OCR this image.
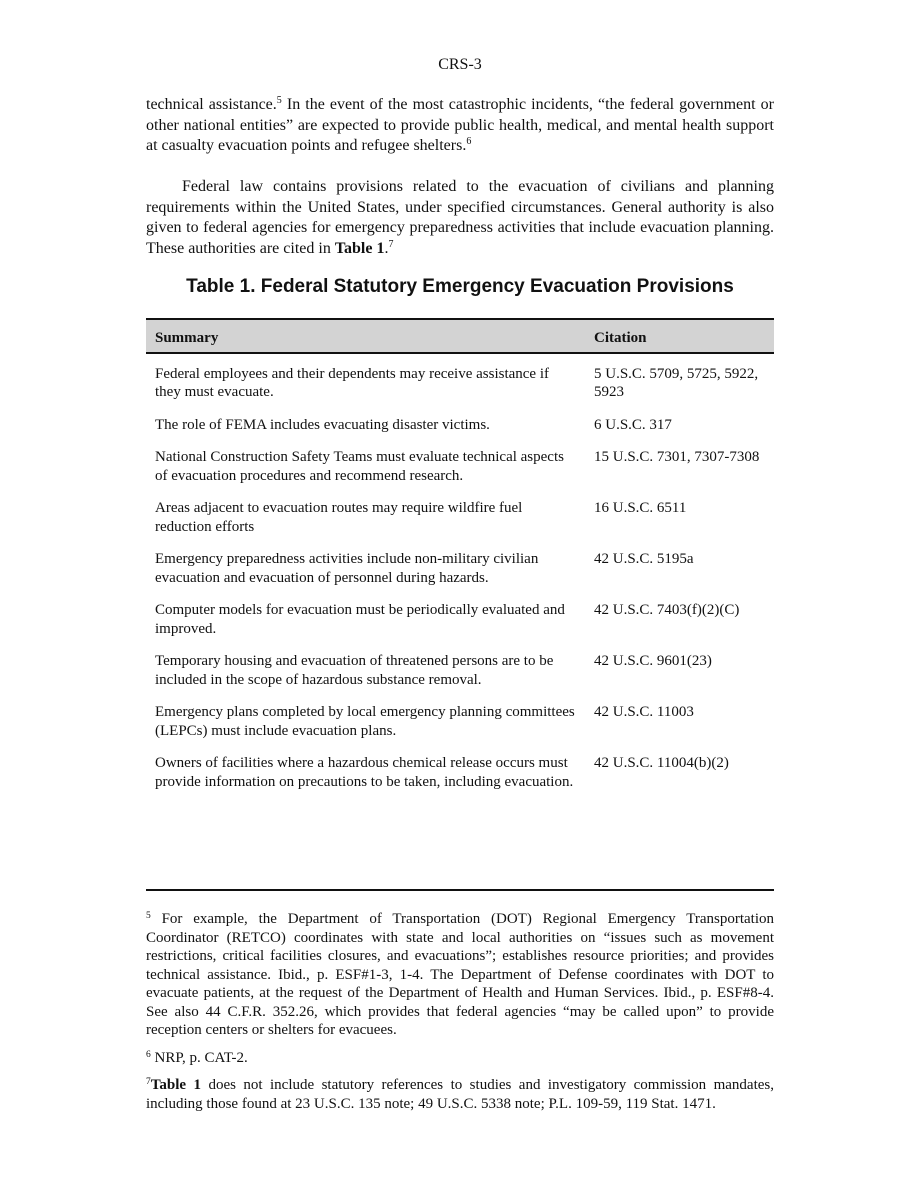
CRS-3

technical assistance.$^5$ In the event of the most catastrophic incidents, “the federal government or other national entities” are expected to provide public health, medical, and mental health support at casualty evacuation points and refugee shelters.$^6$

Federal law contains provisions related to the evacuation of civilians and planning requirements within the United States, under specified circumstances. General authority is also given to federal agencies for emergency preparedness activities that include evacuation planning. These authorities are cited in Table 1.$^7$

Table 1. Federal Statutory Emergency Evacuation Provisions
Summary	Citation
Federal employees and their dependents may receive assistance if they must evacuate.	5 U.S.C. 5709, 5725, 5922, 5923
The role of FEMA includes evacuating disaster victims.	6 U.S.C. 317
National Construction Safety Teams must evaluate technical aspects of evacuation procedures and recommend research.	15 U.S.C. 7301, 7307-7308
Areas adjacent to evacuation routes may require wildfire fuel reduction efforts	16 U.S.C. 6511
Emergency preparedness activities include non-military civilian evacuation and evacuation of personnel during hazards.	42 U.S.C. 5195a
Computer models for evacuation must be periodically evaluated and improved.	42 U.S.C. 7403(f)(2)(C)
Temporary housing and evacuation of threatened persons are to be included in the scope of hazardous substance removal.	42 U.S.C. 9601(23)
Emergency plans completed by local emergency planning committees (LEPCs) must include evacuation plans.	42 U.S.C. 11003
Owners of facilities where a hazardous chemical release occurs must provide information on precautions to be taken, including evacuation.	42 U.S.C. 11004(b)(2)

$^5$ For example, the Department of Transportation (DOT) Regional Emergency Transportation Coordinator (RETCO) coordinates with state and local authorities on “issues such as movement restrictions, critical facilities closures, and evacuations”; establishes resource priorities; and provides technical assistance. Ibid., p. ESF#1-3, 1-4. The Department of Defense coordinates with DOT to evacuate patients, at the request of the Department of Health and Human Services. Ibid., p. ESF#8-4. See also 44 C.F.R. 352.26, which provides that federal agencies “may be called upon” to provide reception centers or shelters for evacuees.

$^6$ NRP, p. CAT-2.

$^7$Table 1 does not include statutory references to studies and investigatory commission mandates, including those found at 23 U.S.C. 135 note; 49 U.S.C. 5338 note; P.L. 109-59, 119 Stat. 1471.
